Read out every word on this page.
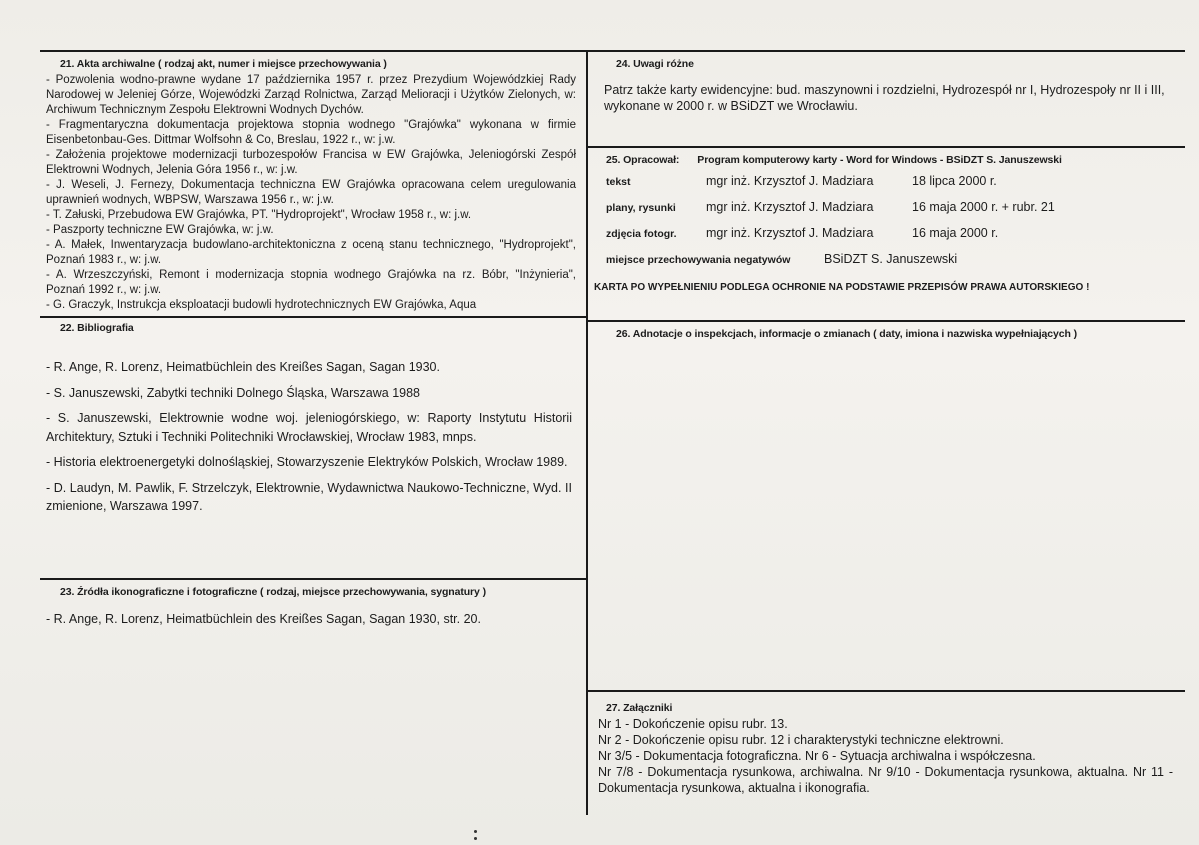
21. Akta archiwalne ( rodzaj akt, numer i miejsce przechowywania )
- Pozwolenia wodno-prawne wydane 17 października 1957 r. przez Prezydium Wojewódzkiej Rady Narodowej w Jeleniej Górze, Wojewódzki Zarząd Rolnictwa, Zarząd Melioracji i Użytków Zielonych, w: Archiwum Technicznym Zespołu Elektrowni Wodnych Dychów.
- Fragmentaryczna dokumentacja projektowa stopnia wodnego "Grajówka" wykonana w firmie Eisenbetonbau-Ges. Dittmar Wolfsohn & Co, Breslau, 1922 r., w: j.w.
- Założenia projektowe modernizacji turbozespołów Francisa w EW Grajówka, Jeleniogórski Zespół Elektrowni Wodnych, Jelenia Góra 1956 r., w: j.w.
- J. Weseli, J. Fernezy, Dokumentacja techniczna EW Grajówka opracowana celem uregulowania uprawnień wodnych, WBPSW, Warszawa 1956 r., w: j.w.
- T. Załuski, Przebudowa EW Grajówka, PT. "Hydroprojekt", Wrocław 1958 r., w: j.w.
- Paszporty techniczne EW Grajówka, w: j.w.
- A. Małek, Inwentaryzacja budowlano-architektoniczna z oceną stanu technicznego, "Hydroprojekt", Poznań 1983 r., w: j.w.
- A. Wrzeszczyński, Remont i modernizacja stopnia wodnego Grajówka na rz. Bóbr, "Inżynieria", Poznań 1992 r., w: j.w.
- G. Graczyk, Instrukcja eksploatacji budowli hydrotechnicznych EW Grajówka, Aqua
22. Bibliografia
- R. Ange, R. Lorenz, Heimatbüchlein des Kreißes Sagan, Sagan 1930.
- S. Januszewski, Zabytki techniki Dolnego Śląska, Warszawa 1988
- S. Januszewski, Elektrownie wodne woj. jeleniogórskiego, w: Raporty Instytutu Historii Architektury, Sztuki i Techniki Politechniki Wrocławskiej, Wrocław 1983, mnps.
- Historia elektroenergetyki dolnośląskiej, Stowarzyszenie Elektryków Polskich, Wrocław 1989.
- D. Laudyn, M. Pawlik, F. Strzelczyk, Elektrownie, Wydawnictwa Naukowo-Techniczne, Wyd. II zmienione, Warszawa 1997.
23. Źródła ikonograficzne i fotograficzne ( rodzaj, miejsce przechowywania, sygnatury )
- R. Ange, R. Lorenz, Heimatbüchlein des Kreißes Sagan, Sagan 1930, str. 20.
24. Uwagi różne

Patrz także karty ewidencyjne: bud. maszynowni i rozdzielni, Hydrozespół nr I, Hydrozespoły nr II i III, wykonane w 2000 r. w BSiDZT we Wrocławiu.

25. Opracował: Program komputerowy karty - Word for Windows - BSiDZT S. Januszewski
tekst	mgr inż. Krzysztof J. Madziara	18 lipca 2000 r.
plany, rysunki	mgr inż. Krzysztof J. Madziara	16 maja 2000 r. + rubr. 21
zdjęcia fotogr.	mgr inż. Krzysztof J. Madziara	16 maja 2000 r.
miejsce przechowywania negatywów	BSiDZT S. Januszewski
KARTA PO WYPEŁNIENIU PODLEGA OCHRONIE NA PODSTAWIE PRZEPISÓW PRAWA AUTORSKIEGO !
26. Adnotacje o inspekcjach, informacje o zmianach ( daty, imiona i nazwiska wypełniających )
27. Załączniki
Nr 1 - Dokończenie opisu rubr. 13.
Nr 2 - Dokończenie opisu rubr. 12 i charakterystyki techniczne elektrowni.
Nr 3/5 - Dokumentacja fotograficzna. Nr 6 - Sytuacja archiwalna i współczesna.
Nr 7/8 - Dokumentacja rysunkowa, archiwalna. Nr 9/10 - Dokumentacja rysunkowa, aktualna. Nr 11 - Dokumentacja rysunkowa, aktualna i ikonografia.
